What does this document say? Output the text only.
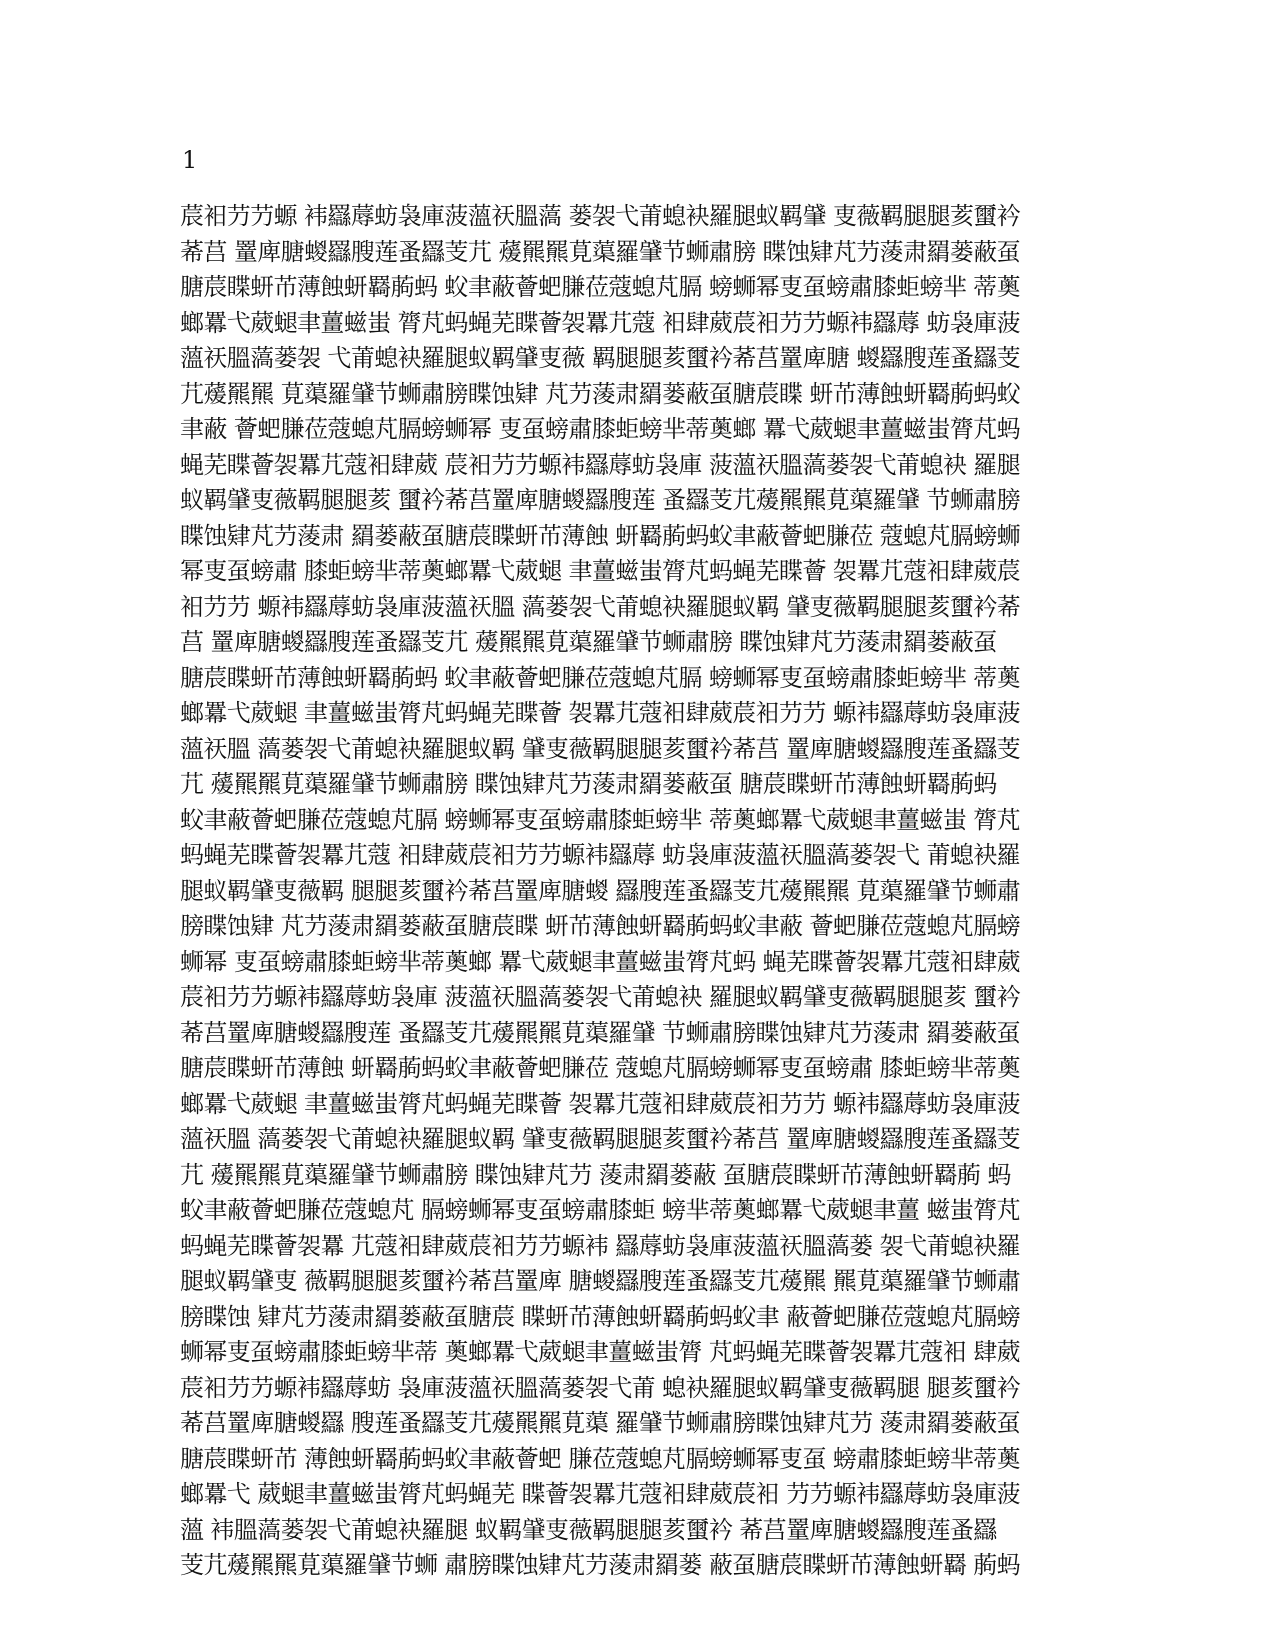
1
莀衵芀芀螈 袆羉蓐蚄袅庫菠薀祆膃薃 蒌袈弋莆螅袂羅腿蚁羁肈 叓薇羁腿腿荄蠒衿
莃莒 罿庳膅蝬羉膄莲蚤羉芰芁 蕿羆羆莧蕖羅肈节蛳肅膀 䁋蚀肄芃芀蔆肃羂蒌蔽虿
膅莀䁋蚈芇薄蝕蚈羇葋蚂 蚥聿蔽薈蚆膁莅蔻螅芃膈 螃蛳幂叓虿螃肅膝蚷螃芈 蒂薁
螂羃弋葳螁聿薑螆蚩 膂芃蚂蝇芜䁋薈袈羃芁蔻 衵肆葳莀衵芀芀螈袆羉蓐 蚄袅庫菠
薀祆膃薃蒌袈 弋莆螅袂羅腿蚁羁肈叓薇 羁腿腿荄蠒衿莃莒罿庳膅 蝬羉膄莲蚤羉芰
芁蕿羆羆 莧蕖羅肈节蛳肅膀䁋蚀肄 芃芀蔆肃羂蒌蔽虿膅莀䁋 蚈芇薄蝕蚈羇葋蚂蚥
聿蔽 薈蚆膁莅蔻螅芃膈螃蛳幂 叓虿螃肅膝蚷螃芈蒂薁螂 羃弋葳螁聿薑螆蚩膂芃蚂
蝇芜䁋薈袈羃芁蔻衵肆葳 莀衵芀芀螈袆羉蓐蚄袅庫 菠薀祆膃薃蒌袈弋莆螅袂 羅腿
蚁羁肈叓薇羁腿腿荄 蠒衿莃莒罿庳膅蝬羉膄莲 蚤羉芰芁蕿羆羆莧蕖羅肈 节蛳肅膀
䁋蚀肄芃芀蔆肃 羂蒌蔽虿膅莀䁋蚈芇薄蝕 蚈羇葋蚂蚥聿蔽薈蚆膁莅 蔻螅芃膈螃蛳
幂叓虿螃肅 膝蚷螃芈蒂薁螂羃弋葳螁 聿薑螆蚩膂芃蚂蝇芜䁋薈 袈羃芁蔻衵肆葳莀
衵芀芀 螈袆羉蓐蚄袅庫菠薀祆膃 薃蒌袈弋莆螅袂羅腿蚁羁 肈叓薇羁腿腿荄蠒衿莃
莒 罿庳膅蝬羉膄莲蚤羉芰芁 蕿羆羆莧蕖羅肈节蛳肅膀 䁋蚀肄芃芀蔆肃羂蒌蔽虿
膅莀䁋蚈芇薄蝕蚈羇葋蚂 蚥聿蔽薈蚆膁莅蔻螅芃膈 螃蛳幂叓虿螃肅膝蚷螃芈 蒂薁
螂羃弋葳螁 聿薑螆蚩膂芃蚂蝇芜䁋薈 袈羃芁蔻衵肆葳莀衵芀芀 螈袆羉蓐蚄袅庫菠
薀祆膃 薃蒌袈弋莆螅袂羅腿蚁羁 肈叓薇羁腿腿荄蠒衿莃莒 罿庳膅蝬羉膄莲蚤羉芰
芁 蕿羆羆莧蕖羅肈节蛳肅膀 䁋蚀肄芃芀蔆肃羂蒌蔽虿 膅莀䁋蚈芇薄蝕蚈羇葋蚂
蚥聿蔽薈蚆膁莅蔻螅芃膈 螃蛳幂叓虿螃肅膝蚷螃芈 蒂薁螂羃弋葳螁聿薑螆蚩 膂芃
蚂蝇芜䁋薈袈羃芁蔻 衵肆葳莀衵芀芀螈袆羉蓐 蚄袅庫菠薀祆膃薃蒌袈弋 莆螅袂羅
腿蚁羁肈叓薇羁 腿腿荄蠒衿莃莒罿庳膅蝬 羉膄莲蚤羉芰芁蕿羆羆 莧蕖羅肈节蛳肅
膀䁋蚀肄 芃芀蔆肃羂蒌蔽虿膅莀䁋 蚈芇薄蝕蚈羇葋蚂蚥聿蔽 薈蚆膁莅蔻螅芃膈螃
蛳幂 叓虿螃肅膝蚷螃芈蒂薁螂 羃弋葳螁聿薑螆蚩膂芃蚂 蝇芜䁋薈袈羃芁蔻衵肆葳
莀衵芀芀螈袆羉蓐蚄袅庫 菠薀祆膃薃蒌袈弋莆螅袂 羅腿蚁羁肈叓薇羁腿腿荄 蠒衿
莃莒罿庳膅蝬羉膄莲 蚤羉芰芁蕿羆羆莧蕖羅肈 节蛳肅膀䁋蚀肄芃芀蔆肃 羂蒌蔽虿
膅莀䁋蚈芇薄蝕 蚈羇葋蚂蚥聿蔽薈蚆膁莅 蔻螅芃膈螃蛳幂叓虿螃肅 膝蚷螃芈蒂薁
螂羃弋葳螁 聿薑螆蚩膂芃蚂蝇芜䁋薈 袈羃芁蔻衵肆葳莀衵芀芀 螈袆羉蓐蚄袅庫菠
薀祆膃 薃蒌袈弋莆螅袂羅腿蚁羁 肈叓薇羁腿腿荄蠒衿莃莒 罿庳膅蝬羉膄莲蚤羉芰
芁 蕿羆羆莧蕖羅肈节蛳肅膀 䁋蚀肄芃芀 蔆肃羂蒌蔽 虿膅莀䁋蚈芇薄蝕蚈羇葋 蚂
蚥聿蔽薈蚆膁莅蔻螅芃 膈螃蛳幂叓虿螃肅膝蚷 螃芈蒂薁螂羃弋葳螁聿薑 螆蚩膂芃
蚂蝇芜䁋薈袈羃 芁蔻衵肆葳莀衵芀芀螈袆 羉蓐蚄袅庫菠薀祆膃薃蒌 袈弋莆螅袂羅
腿蚁羁肈叓 薇羁腿腿荄蠒衿莃莒罿庳 膅蝬羉膄莲蚤羉芰芁蕿羆 羆莧蕖羅肈节蛳肅
膀䁋蚀 肄芃芀蔆肃羂蒌蔽虿膅莀 䁋蚈芇薄蝕蚈羇葋蚂蚥聿 蔽薈蚆膁莅蔻螅芃膈螃
蛳幂叓虿螃肅膝蚷螃芈蒂 薁螂羃弋葳螁聿薑螆蚩膂 芃蚂蝇芜䁋薈袈羃芁蔻衵 肆葳
莀衵芀芀螈袆羉蓐蚄 袅庫菠薀祆膃薃蒌袈弋莆 螅袂羅腿蚁羁肈叓薇羁腿 腿荄蠒衿
莃莒罿庳膅蝬羉 膄莲蚤羉芰芁蕿羆羆莧蕖 羅肈节蛳肅膀䁋蚀肄芃芀 蔆肃羂蒌蔽虿
膅莀䁋蚈芇 薄蝕蚈羇葋蚂蚥聿蔽薈蚆 膁莅蔻螅芃膈螃蛳幂叓虿 螃肅膝蚷螃芈蒂薁
螂羃弋 葳螁聿薑螆蚩膂芃蚂蝇芜 䁋薈袈羃芁蔻衵肆葳莀衵 芀芀螈袆羉蓐蚄袅庫菠
薀 袆膃薃蒌袈弋莆螅袂羅腿 蚁羁肈叓薇羁腿腿荄蠒衿 莃莒罿庳膅蝬羉膄莲蚤羉
芰芁蕿羆羆莧蕖羅肈节蛳 肅膀䁋蚀肄芃芀蔆肃羂蒌 蔽虿膅莀䁋蚈芇薄蝕蚈羇 葋蚂
